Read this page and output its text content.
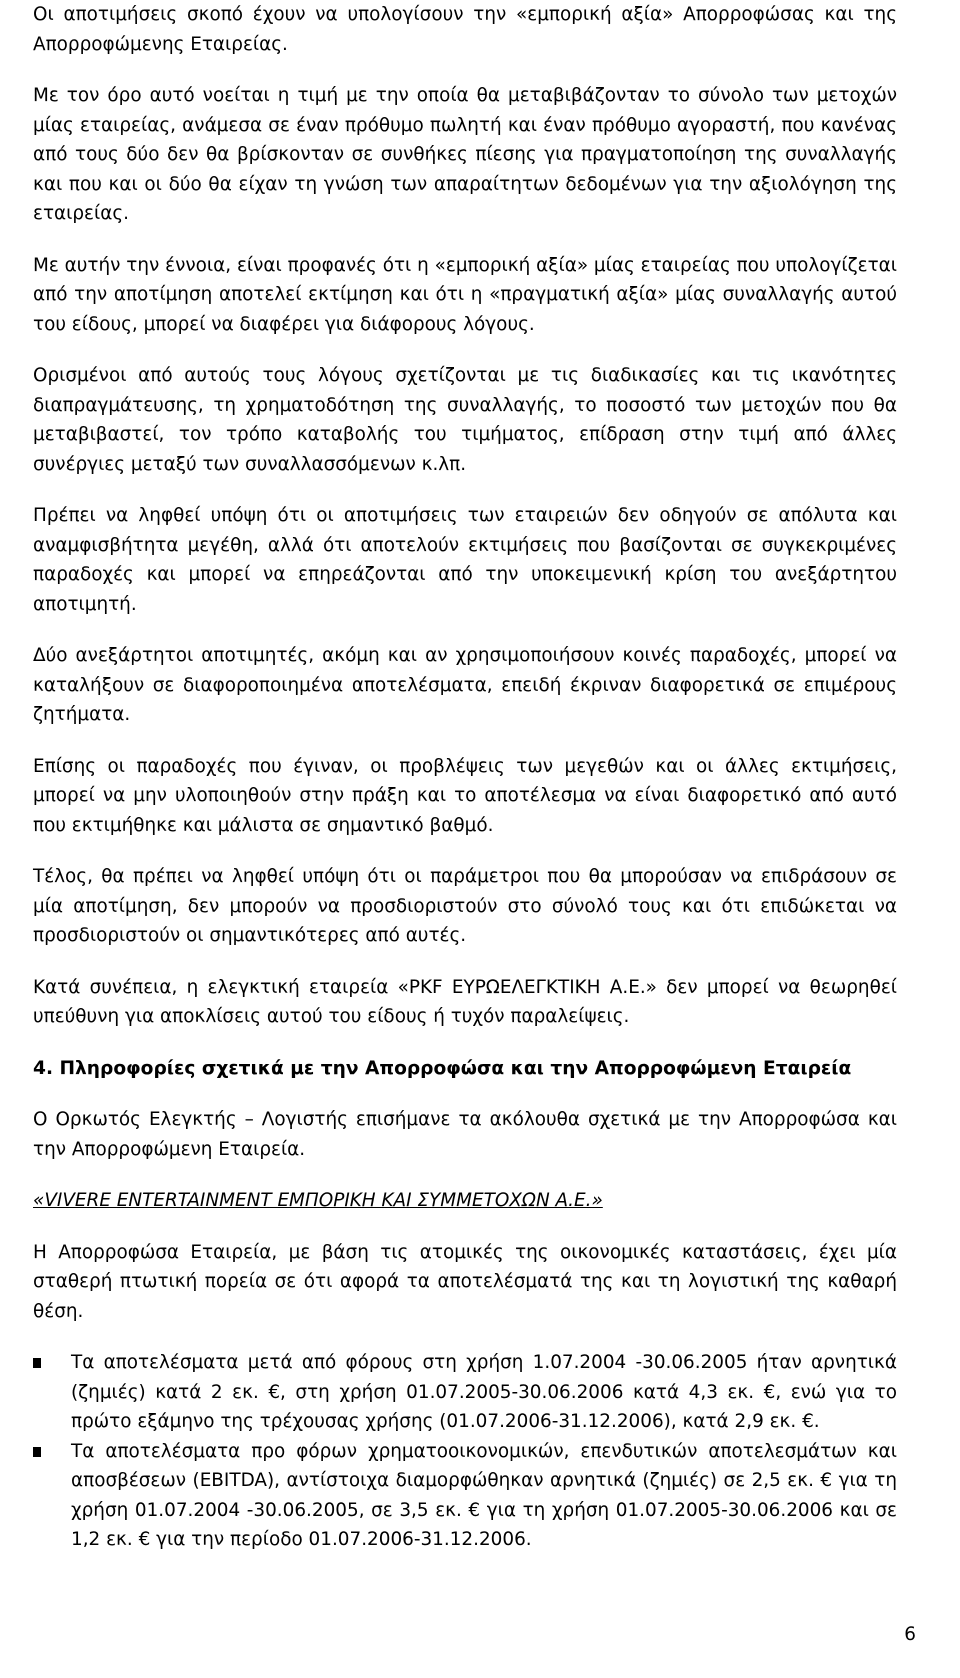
Οι αποτιμήσεις σκοπό έχουν να υπολογίσουν την «εμπορική αξία» Απορροφώσας και της Απορροφώμενης Εταιρείας.

Με τον όρο αυτό νοείται η τιμή με την οποία θα μεταβιβάζονταν το σύνολο των μετοχών μίας εταιρείας, ανάμεσα σε έναν πρόθυμο πωλητή και έναν πρόθυμο αγοραστή, που κανένας από τους δύο δεν θα βρίσκονταν σε συνθήκες πίεσης για πραγματοποίηση της συναλλαγής και που και οι δύο θα είχαν τη γνώση των απαραίτητων δεδομένων για την αξιολόγηση της εταιρείας.

Με αυτήν την έννοια, είναι προφανές ότι η «εμπορική αξία» μίας εταιρείας που υπολογίζεται από την αποτίμηση αποτελεί εκτίμηση και ότι η «πραγματική αξία» μίας συναλλαγής αυτού του είδους, μπορεί να διαφέρει για διάφορους λόγους.

Ορισμένοι από αυτούς τους λόγους σχετίζονται με τις διαδικασίες και τις ικανότητες διαπραγμάτευσης, τη χρηματοδότηση της συναλλαγής, το ποσοστό των μετοχών που θα μεταβιβαστεί, τον τρόπο καταβολής του τιμήματος, επίδραση στην τιμή από άλλες συνέργιες μεταξύ των συναλλασσόμενων κ.λπ.

Πρέπει να ληφθεί υπόψη ότι οι αποτιμήσεις των εταιρειών δεν οδηγούν σε απόλυτα και αναμφισβήτητα μεγέθη, αλλά ότι αποτελούν εκτιμήσεις που βασίζονται σε συγκεκριμένες παραδοχές και μπορεί να επηρεάζονται από την υποκειμενική κρίση του ανεξάρτητου αποτιμητή.

Δύο ανεξάρτητοι αποτιμητές, ακόμη και αν χρησιμοποιήσουν κοινές παραδοχές, μπορεί να καταλήξουν σε διαφοροποιημένα αποτελέσματα, επειδή έκριναν διαφορετικά σε επιμέρους ζητήματα.

Επίσης οι παραδοχές που έγιναν, οι προβλέψεις των μεγεθών και οι άλλες εκτιμήσεις, μπορεί να μην υλοποιηθούν στην πράξη και το αποτέλεσμα να είναι διαφορετικό από αυτό που εκτιμήθηκε και μάλιστα σε σημαντικό βαθμό.

Τέλος, θα πρέπει να ληφθεί υπόψη ότι οι παράμετροι που θα μπορούσαν να επιδράσουν σε μία αποτίμηση, δεν μπορούν να προσδιοριστούν στο σύνολό τους και ότι επιδώκεται να προσδιοριστούν οι σημαντικότερες από αυτές.

Κατά συνέπεια, η ελεγκτική εταιρεία «PKF ΕΥΡΩΕΛΕΓΚΤΙΚΗ Α.Ε.» δεν μπορεί να θεωρηθεί υπεύθυνη για αποκλίσεις αυτού του είδους ή τυχόν παραλείψεις.

4. Πληροφορίες σχετικά με την Απορροφώσα και την Απορροφώμενη Εταιρεία

Ο Ορκωτός Ελεγκτής – Λογιστής επισήμανε τα ακόλουθα σχετικά με την Απορροφώσα και την Απορροφώμενη Εταιρεία.

«VIVERE ENTERTAINMENT ΕΜΠΟΡΙΚΗ ΚΑΙ ΣΥΜΜΕΤΟΧΩΝ Α.Ε.»

Η Απορροφώσα Εταιρεία, με βάση τις ατομικές της οικονομικές καταστάσεις, έχει μία σταθερή πτωτική πορεία σε ότι αφορά τα αποτελέσματά της και τη λογιστική της καθαρή θέση.

Τα αποτελέσματα μετά από φόρους στη χρήση 1.07.2004 -30.06.2005 ήταν αρνητικά (ζημιές) κατά 2 εκ. €, στη χρήση 01.07.2005-30.06.2006 κατά 4,3 εκ. €, ενώ για το πρώτο εξάμηνο της τρέχουσας χρήσης (01.07.2006-31.12.2006), κατά 2,9 εκ. €.
Τα αποτελέσματα προ φόρων χρηματοοικονομικών, επενδυτικών αποτελεσμάτων και αποσβέσεων (EBITDA), αντίστοιχα διαμορφώθηκαν αρνητικά (ζημιές) σε 2,5 εκ. € για τη χρήση 01.07.2004 -30.06.2005, σε 3,5 εκ. € για τη χρήση 01.07.2005-30.06.2006 και σε 1,2 εκ. € για την περίοδο 01.07.2006-31.12.2006.
6
